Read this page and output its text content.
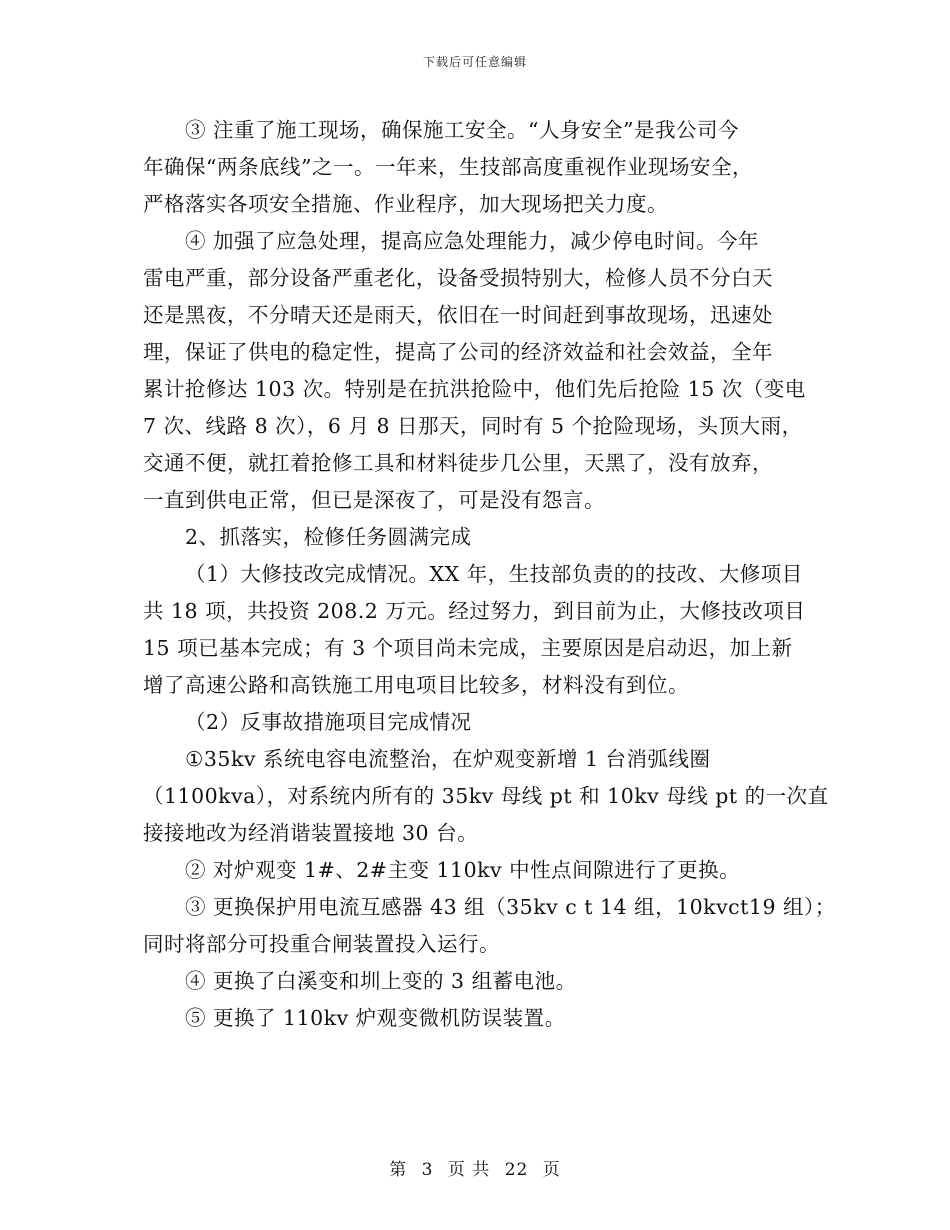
下载后可任意编辑
③ 注重了施工现场，确保施工安全。“人身安全”是我公司今
年确保“两条底线”之一。一年来，生技部高度重视作业现场安全，
严格落实各项安全措施、作业程序，加大现场把关力度。
④ 加强了应急处理，提高应急处理能力，减少停电时间。今年
雷电严重，部分设备严重老化，设备受损特别大，检修人员不分白天
还是黑夜，不分晴天还是雨天，依旧在一时间赶到事故现场，迅速处
理，保证了供电的稳定性，提高了公司的经济效益和社会效益，全年
累计抢修达 103 次。特别是在抗洪抢险中，他们先后抢险 15 次（变电
7 次、线路 8 次），6 月 8 日那天，同时有 5 个抢险现场，头顶大雨，
交通不便，就扛着抢修工具和材料徒步几公里，天黑了，没有放弃，
一直到供电正常，但已是深夜了，可是没有怨言。
2、抓落实，检修任务圆满完成
（1）大修技改完成情况。XX 年，生技部负责的的技改、大修项目
共 18 项，共投资 208.2 万元。经过努力，到目前为止，大修技改项目
15 项已基本完成；有 3 个项目尚未完成，主要原因是启动迟，加上新
增了高速公路和高铁施工用电项目比较多，材料没有到位。
（2）反事故措施项目完成情况
①35kv 系统电容电流整治，在炉观变新增 1 台消弧线圈
（1100kva），对系统内所有的 35kv 母线 pt 和 10kv 母线 pt 的一次直
接接地改为经消谐装置接地 30 台。
② 对炉观变 1#、2#主变 110kv 中性点间隙进行了更换。
③ 更换保护用电流互感器 43 组（35kv c t 14 组，10kvct19 组）；
同时将部分可投重合闸装置投入运行。
④ 更换了白溪变和圳上变的 3 组蓄电池。
⑤ 更换了 110kv 炉观变微机防误装置。
第 3 页 共 22 页
